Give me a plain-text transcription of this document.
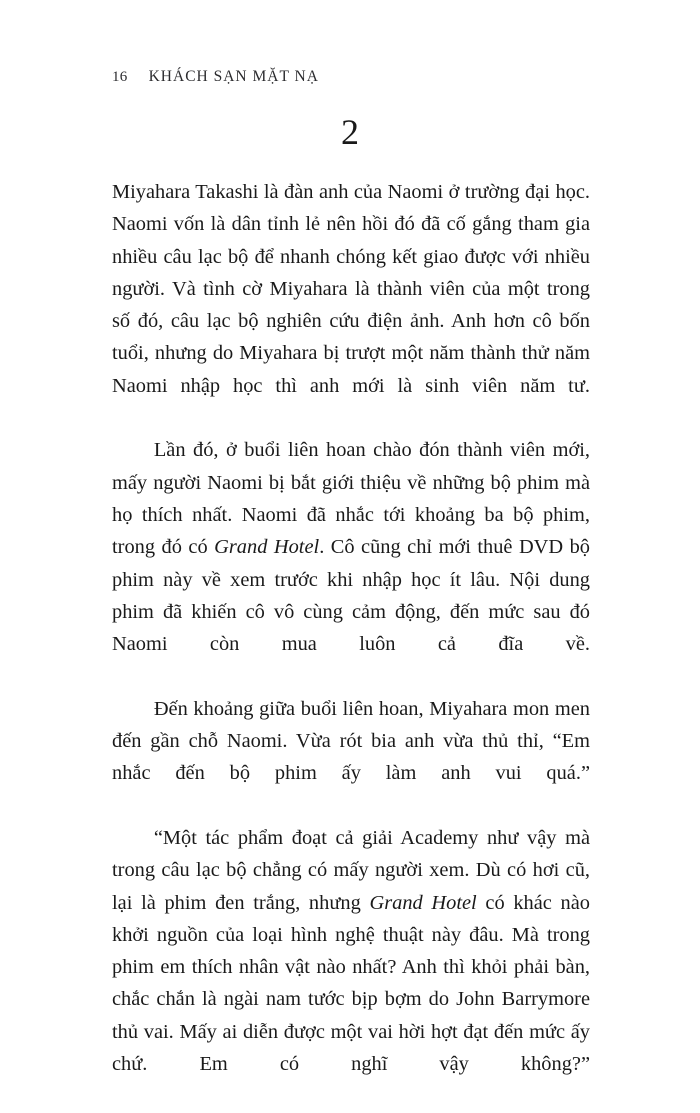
16 KHÁCH SẠN MẶT NẠ
2

Miyahara Takashi là đàn anh của Naomi ở trường đại học. Naomi vốn là dân tỉnh lẻ nên hồi đó đã cố gắng tham gia nhiều câu lạc bộ để nhanh chóng kết giao được với nhiều người. Và tình cờ Miyahara là thành viên của một trong số đó, câu lạc bộ nghiên cứu điện ảnh. Anh hơn cô bốn tuổi, nhưng do Miyahara bị trượt một năm thành thử năm Naomi nhập học thì anh mới là sinh viên năm tư.

Lần đó, ở buổi liên hoan chào đón thành viên mới, mấy người Naomi bị bắt giới thiệu về những bộ phim mà họ thích nhất. Naomi đã nhắc tới khoảng ba bộ phim, trong đó có Grand Hotel. Cô cũng chỉ mới thuê DVD bộ phim này về xem trước khi nhập học ít lâu. Nội dung phim đã khiến cô vô cùng cảm động, đến mức sau đó Naomi còn mua luôn cả đĩa về.

Đến khoảng giữa buổi liên hoan, Miyahara mon men đến gần chỗ Naomi. Vừa rót bia anh vừa thủ thỉ, “Em nhắc đến bộ phim ấy làm anh vui quá.”

“Một tác phẩm đoạt cả giải Academy như vậy mà trong câu lạc bộ chẳng có mấy người xem. Dù có hơi cũ, lại là phim đen trắng, nhưng Grand Hotel có khác nào khởi nguồn của loại hình nghệ thuật này đâu. Mà trong phim em thích nhân vật nào nhất? Anh thì khỏi phải bàn, chắc chắn là ngài nam tước bịp bợm do John Barrymore thủ vai. Mấy ai diễn được một vai hời hợt đạt đến mức ấy chứ. Em có nghĩ vậy không?”
